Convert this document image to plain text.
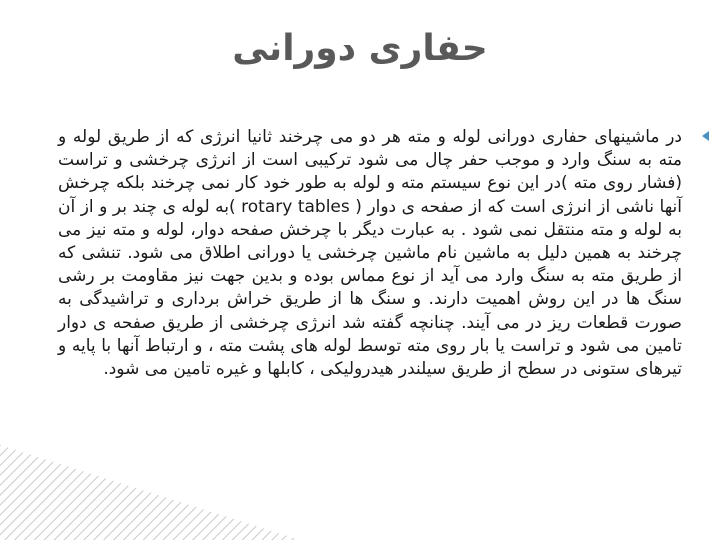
حفاری دورانی

در ماشینهای حفاری دورانی لوله و مته هر دو می چرخند ثانیا انرژی که از طریق لوله و مته به سنگ وارد و موجب حفر چال می شود ترکیبی است از انرژی چرخشی و تراست (فشار روی مته )در این نوع سیستم مته و لوله به طور خود کار نمی چرخند بلکه چرخش آنها ناشی از انرژی است که از صفحه ی دوار ( rotary tables )به لوله ی چند بر و از آن به لوله و مته منتقل نمی شود . به عبارت دیگر با چرخش صفحه دوار، لوله و مته نیز می چرخند به همین دلیل به ماشین نام ماشین چرخشی یا دورانی اطلاق می شود. تنشی که از طریق مته به سنگ وارد می آید از نوع مماس بوده و بدین جهت نیز مقاومت بر رشی سنگ ها در این روش اهمیت دارند. و سنگ ها از طریق خراش برداری و تراشیدگی به صورت قطعات ریز در می آیند. چنانچه گفته شد انرژی چرخشی از طریق صفحه ی دوار تامین می شود و تراست یا بار روی مته توسط لوله های پشت مته ، و ارتباط آنها با پایه و تیرهای ستونی در سطح از طریق سیلندر هیدرولیکی ، کابلها و غیره تامین می شود.
